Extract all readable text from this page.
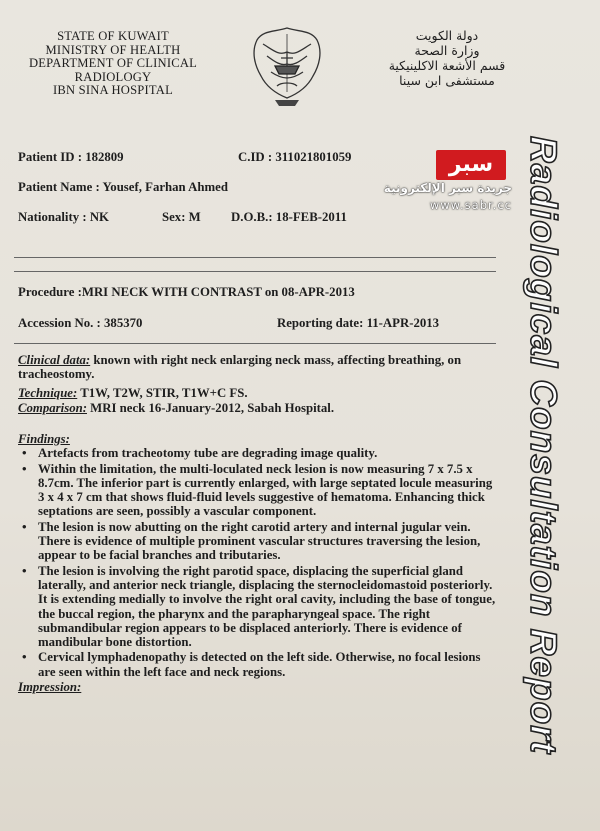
STATE OF KUWAIT
MINISTRY OF HEALTH
DEPARTMENT OF CLINICAL
RADIOLOGY
IBN SINA HOSPITAL
دولة الكويت
وزارة الصحة
قسم الأشعة الاكلينيكية
مستشفى ابن سينا
Patient ID : 182809	C.ID : 311021801059
Patient Name : Yousef, Farhan Ahmed
Nationality : NK	Sex: M D.O.B.: 18-FEB-2011
سبر
جريدة سبر الإلكترونية
www.sabr.cc
Procedure :MRI NECK WITH CONTRAST on 08-APR-2013
Accession No. : 385370	Reporting date: 11-APR-2013
Clinical data: known with right neck enlarging neck mass, affecting breathing, on tracheostomy.
Technique: T1W, T2W, STIR, T1W+C FS.
Comparison: MRI neck 16-January-2012, Sabah Hospital.
Findings:
• Artefacts from tracheotomy tube are degrading image quality.
• Within the limitation, the multi-loculated neck lesion is now measuring 7 x 7.5 x 8.7cm. The inferior part is currently enlarged, with large septated locule measuring 3 x 4 x 7 cm that shows fluid-fluid levels suggestive of hematoma. Enhancing thick septations are seen, possibly a vascular component.
• The lesion is now abutting on the right carotid artery and internal jugular vein. There is evidence of multiple prominent vascular structures traversing the lesion, appear to be facial branches and tributaries.
• The lesion is involving the right parotid space, displacing the superficial gland laterally, and anterior neck triangle, displacing the sternocleidomastoid posteriorly. It is extending medially to involve the right oral cavity, including the base of tongue, the buccal region, the pharynx and the parapharyngeal space. The right submandibular region appears to be displaced anteriorly. There is evidence of mandibular bone distortion.
• Cervical lymphadenopathy is detected on the left side. Otherwise, no focal lesions are seen within the left face and neck regions.
Impression:	Radiological Consultation Report
